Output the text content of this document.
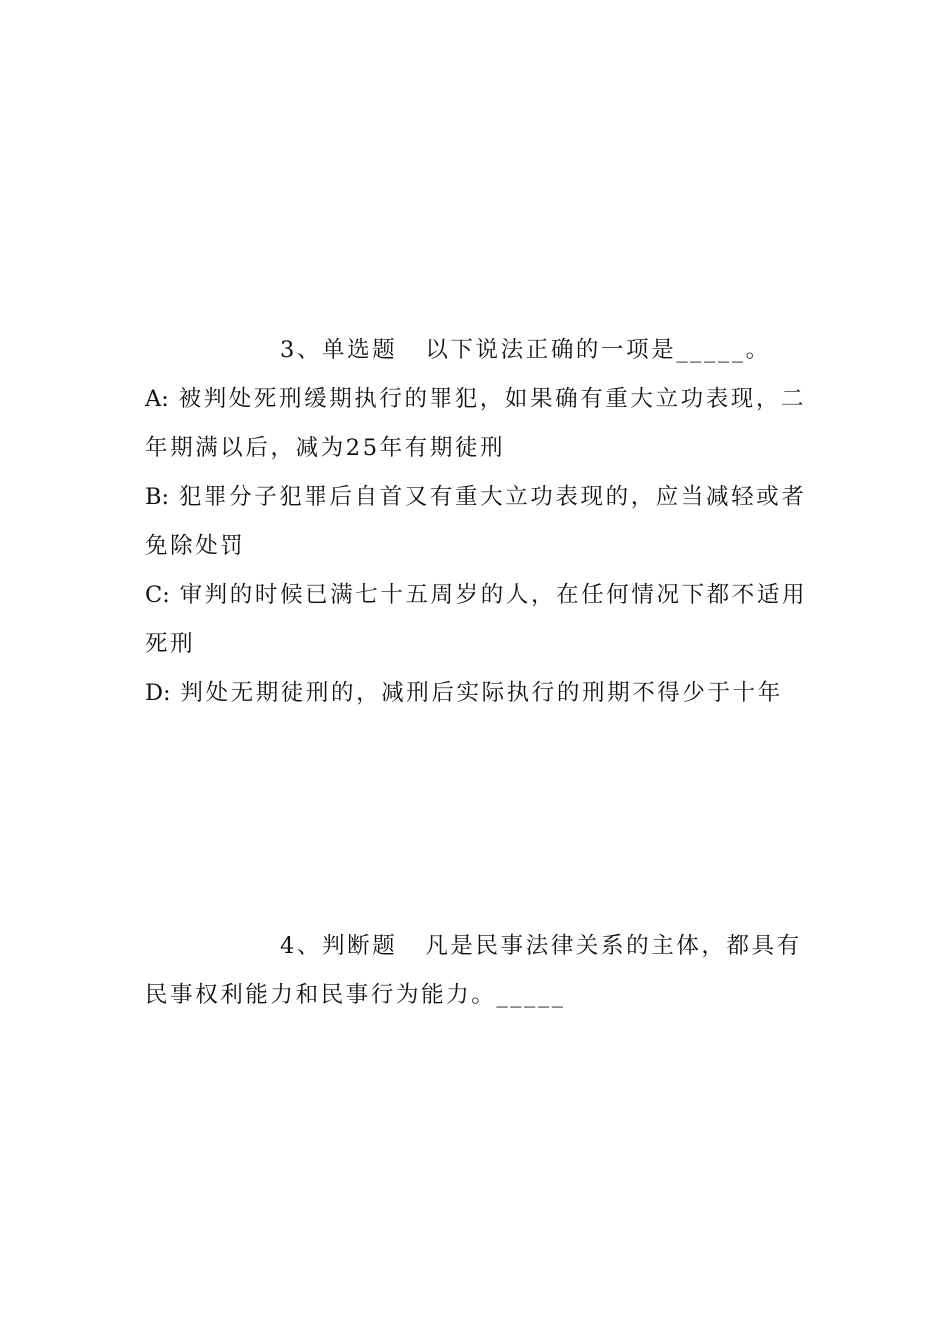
3、单选题 以下说法正确的一项是_____。

A: 被判处死刑缓期执行的罪犯，如果确有重大立功表现，二年期满以后，减为25年有期徒刑

B: 犯罪分子犯罪后自首又有重大立功表现的，应当减轻或者免除处罚

C: 审判的时候已满七十五周岁的人，在任何情况下都不适用死刑

D: 判处无期徒刑的，减刑后实际执行的刑期不得少于十年

4、判断题 凡是民事法律关系的主体，都具有民事权利能力和民事行为能力。_____
